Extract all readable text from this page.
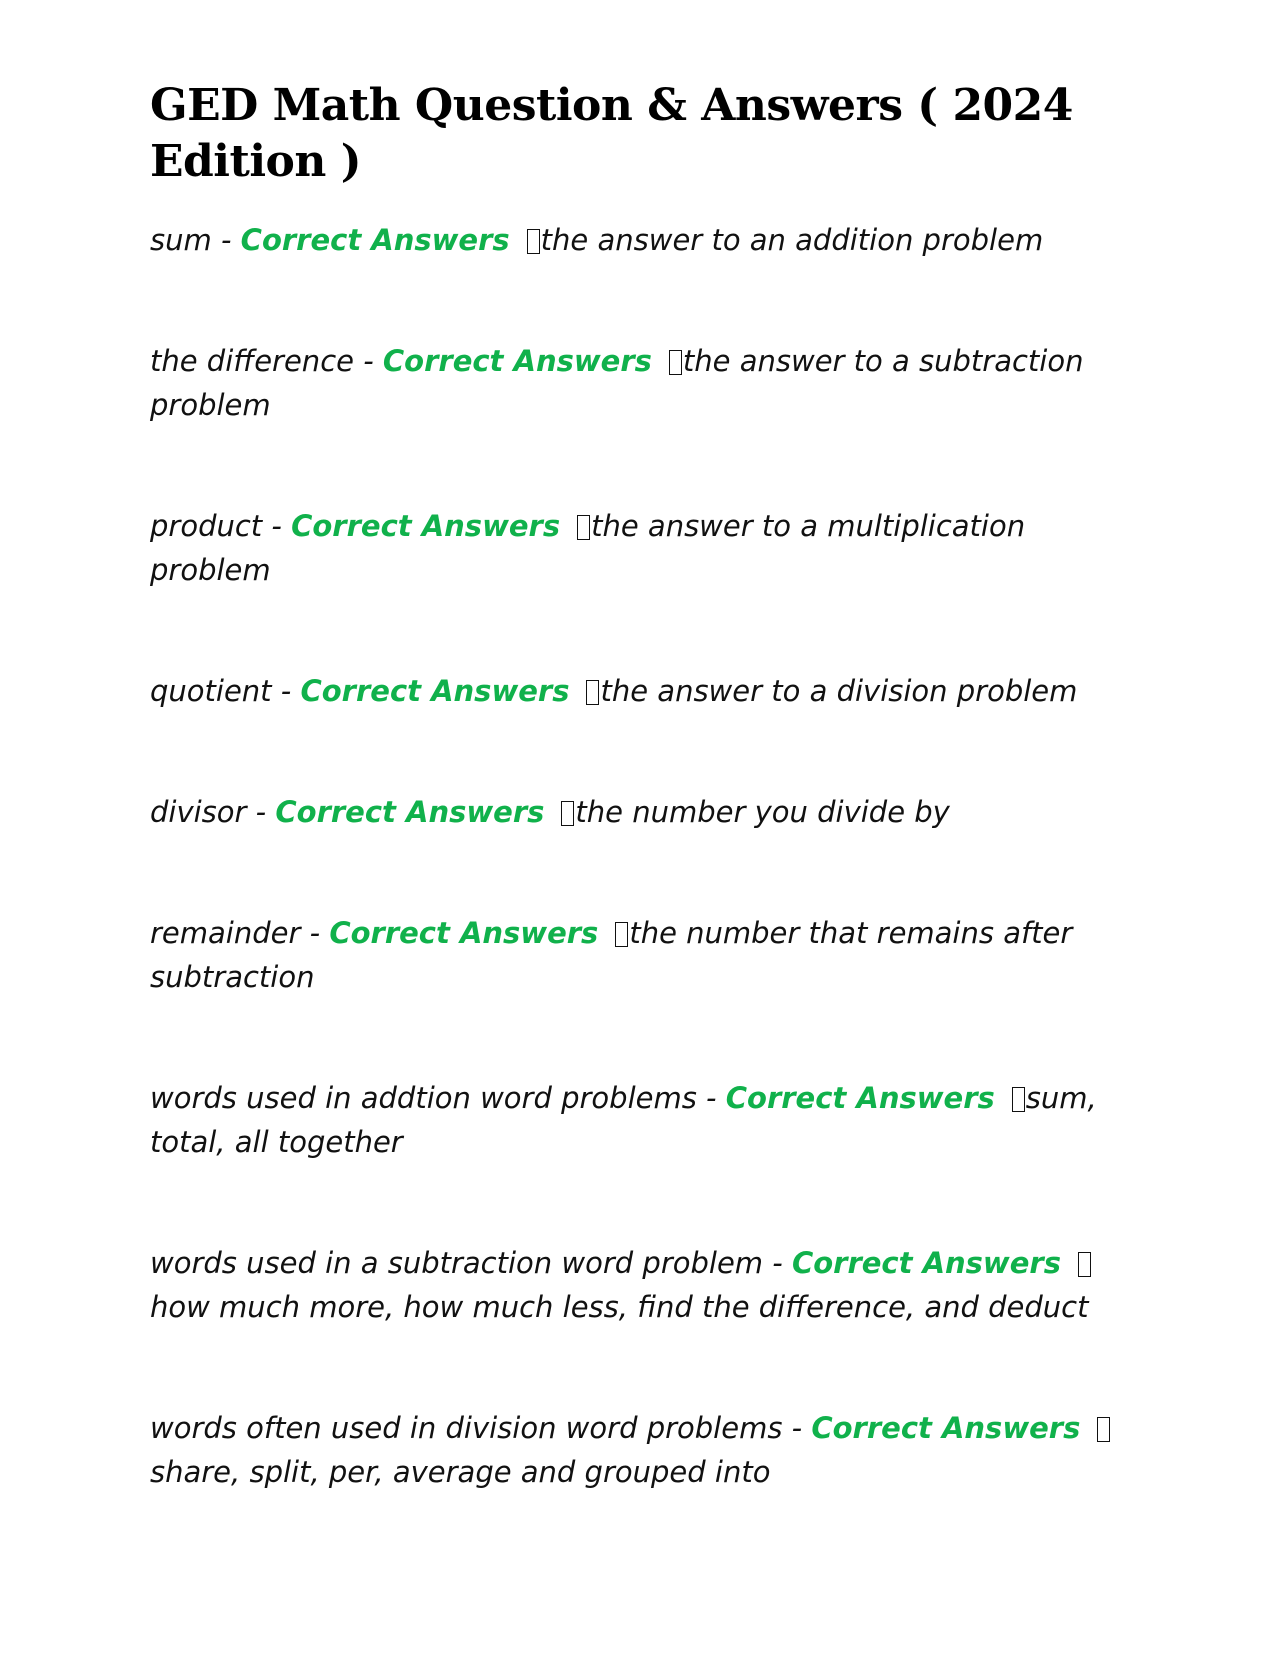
GED Math Question & Answers ( 2024 Edition )

sum - Correct Answers the answer to an addition problem

the difference - Correct Answers the answer to a subtraction problem

product - Correct Answers the answer to a multiplication problem

quotient - Correct Answers the answer to a division problem

divisor - Correct Answers the number you divide by

remainder - Correct Answers the number that remains after subtraction

words used in addtion word problems - Correct Answers sum, total, all together

words used in a subtraction word problem - Correct Answershow much more, how much less, find the difference, and deduct

words often used in division word problems - Correct Answersshare, split, per, average and grouped into
